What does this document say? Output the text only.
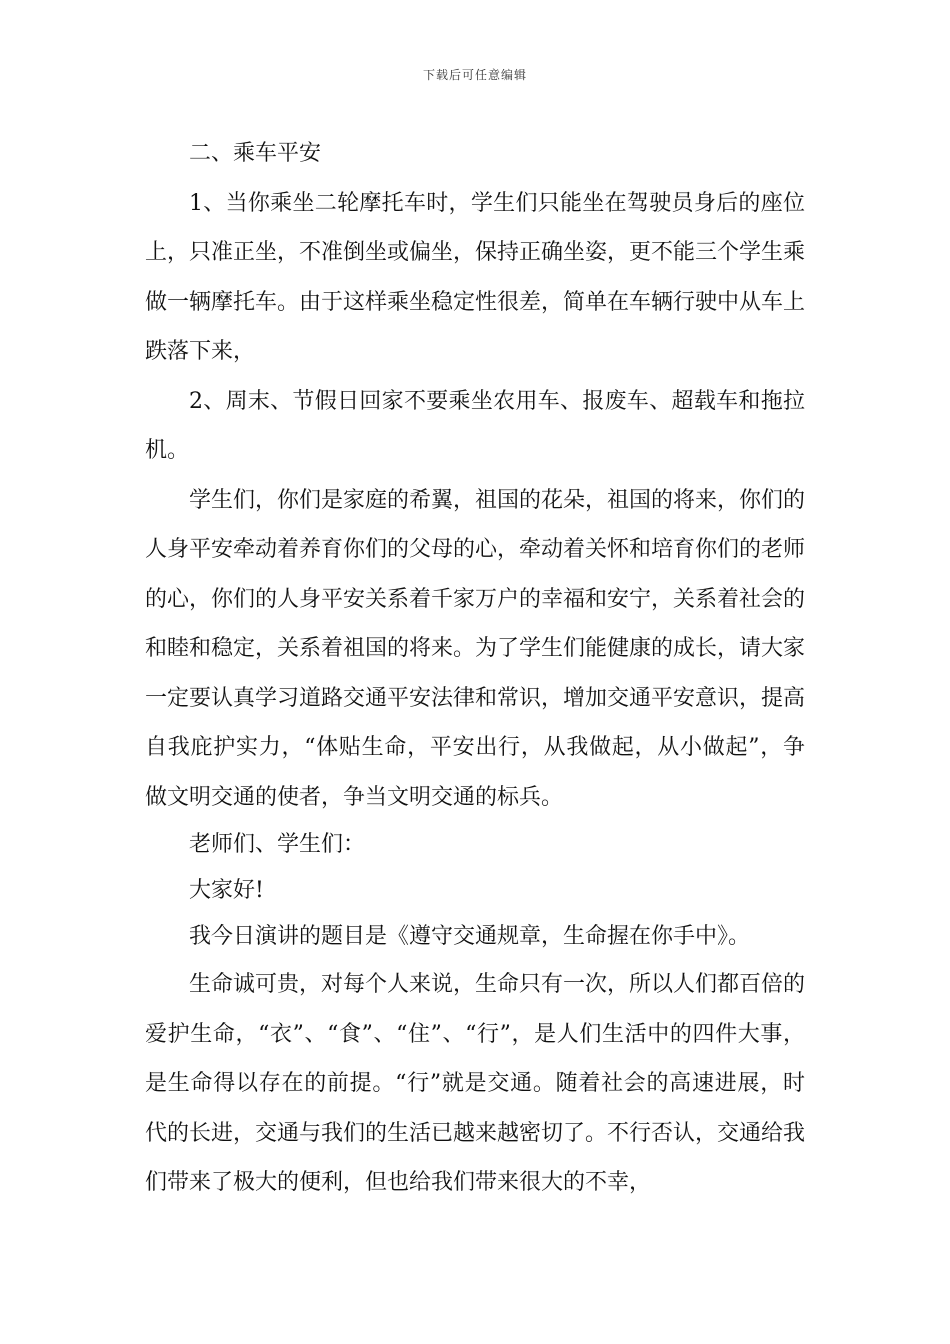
下载后可任意编辑

二、乘车平安

1、当你乘坐二轮摩托车时，学生们只能坐在驾驶员身后的座位上，只准正坐，不准倒坐或偏坐，保持正确坐姿，更不能三个学生乘做一辆摩托车。由于这样乘坐稳定性很差，简单在车辆行驶中从车上跌落下来，

2、周末、节假日回家不要乘坐农用车、报废车、超载车和拖拉机。

学生们，你们是家庭的希翼，祖国的花朵，祖国的将来，你们的人身平安牵动着养育你们的父母的心，牵动着关怀和培育你们的老师的心，你们的人身平安关系着千家万户的幸福和安宁，关系着社会的和睦和稳定，关系着祖国的将来。为了学生们能健康的成长，请大家一定要认真学习道路交通平安法律和常识，增加交通平安意识，提高自我庇护实力，“体贴生命，平安出行，从我做起，从小做起”，争做文明交通的使者，争当文明交通的标兵。

老师们、学生们：

大家好!

我今日演讲的题目是《遵守交通规章，生命握在你手中》。

生命诚可贵，对每个人来说，生命只有一次，所以人们都百倍的爱护生命，“衣”、“食”、“住”、“行”，是人们生活中的四件大事，是生命得以存在的前提。“行”就是交通。随着社会的高速进展，时代的长进，交通与我们的生活已越来越密切了。不行否认，交通给我们带来了极大的便利，但也给我们带来很大的不幸，
